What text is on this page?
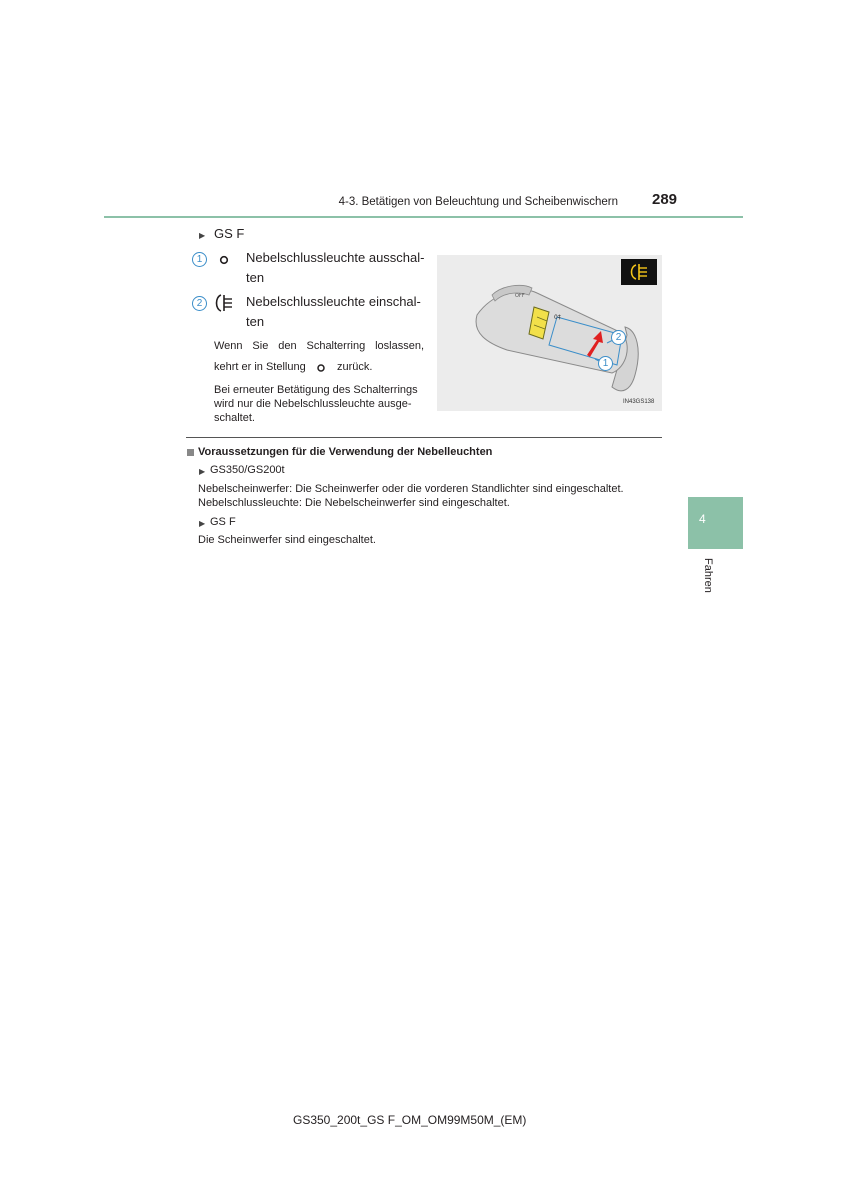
4-3. Betätigen von Beleuchtung und Scheibenwischern 289
4
Fahren
▶ GS F
1	Nebelschlussleuchte ausschal-
ten
2	Nebelschlussleuchte einschal-
ten
Wenn Sie den Schalterring loslassen,
kehrt er in Stellung	zurück.
Bei erneuter Betätigung des Schalterrings
wird nur die Nebelschlussleuchte ausge-
schaltet.
OFF
0‡
2
1
IN43GS138
Voraussetzungen für die Verwendung der Nebelleuchten
▶ GS350/GS200t
Nebelscheinwerfer: Die Scheinwerfer oder die vorderen Standlichter sind eingeschaltet.
Nebelschlussleuchte: Die Nebelscheinwerfer sind eingeschaltet.
▶ GS F
Die Scheinwerfer sind eingeschaltet.
GS350_200t_GS F_OM_OM99M50M_(EM)
